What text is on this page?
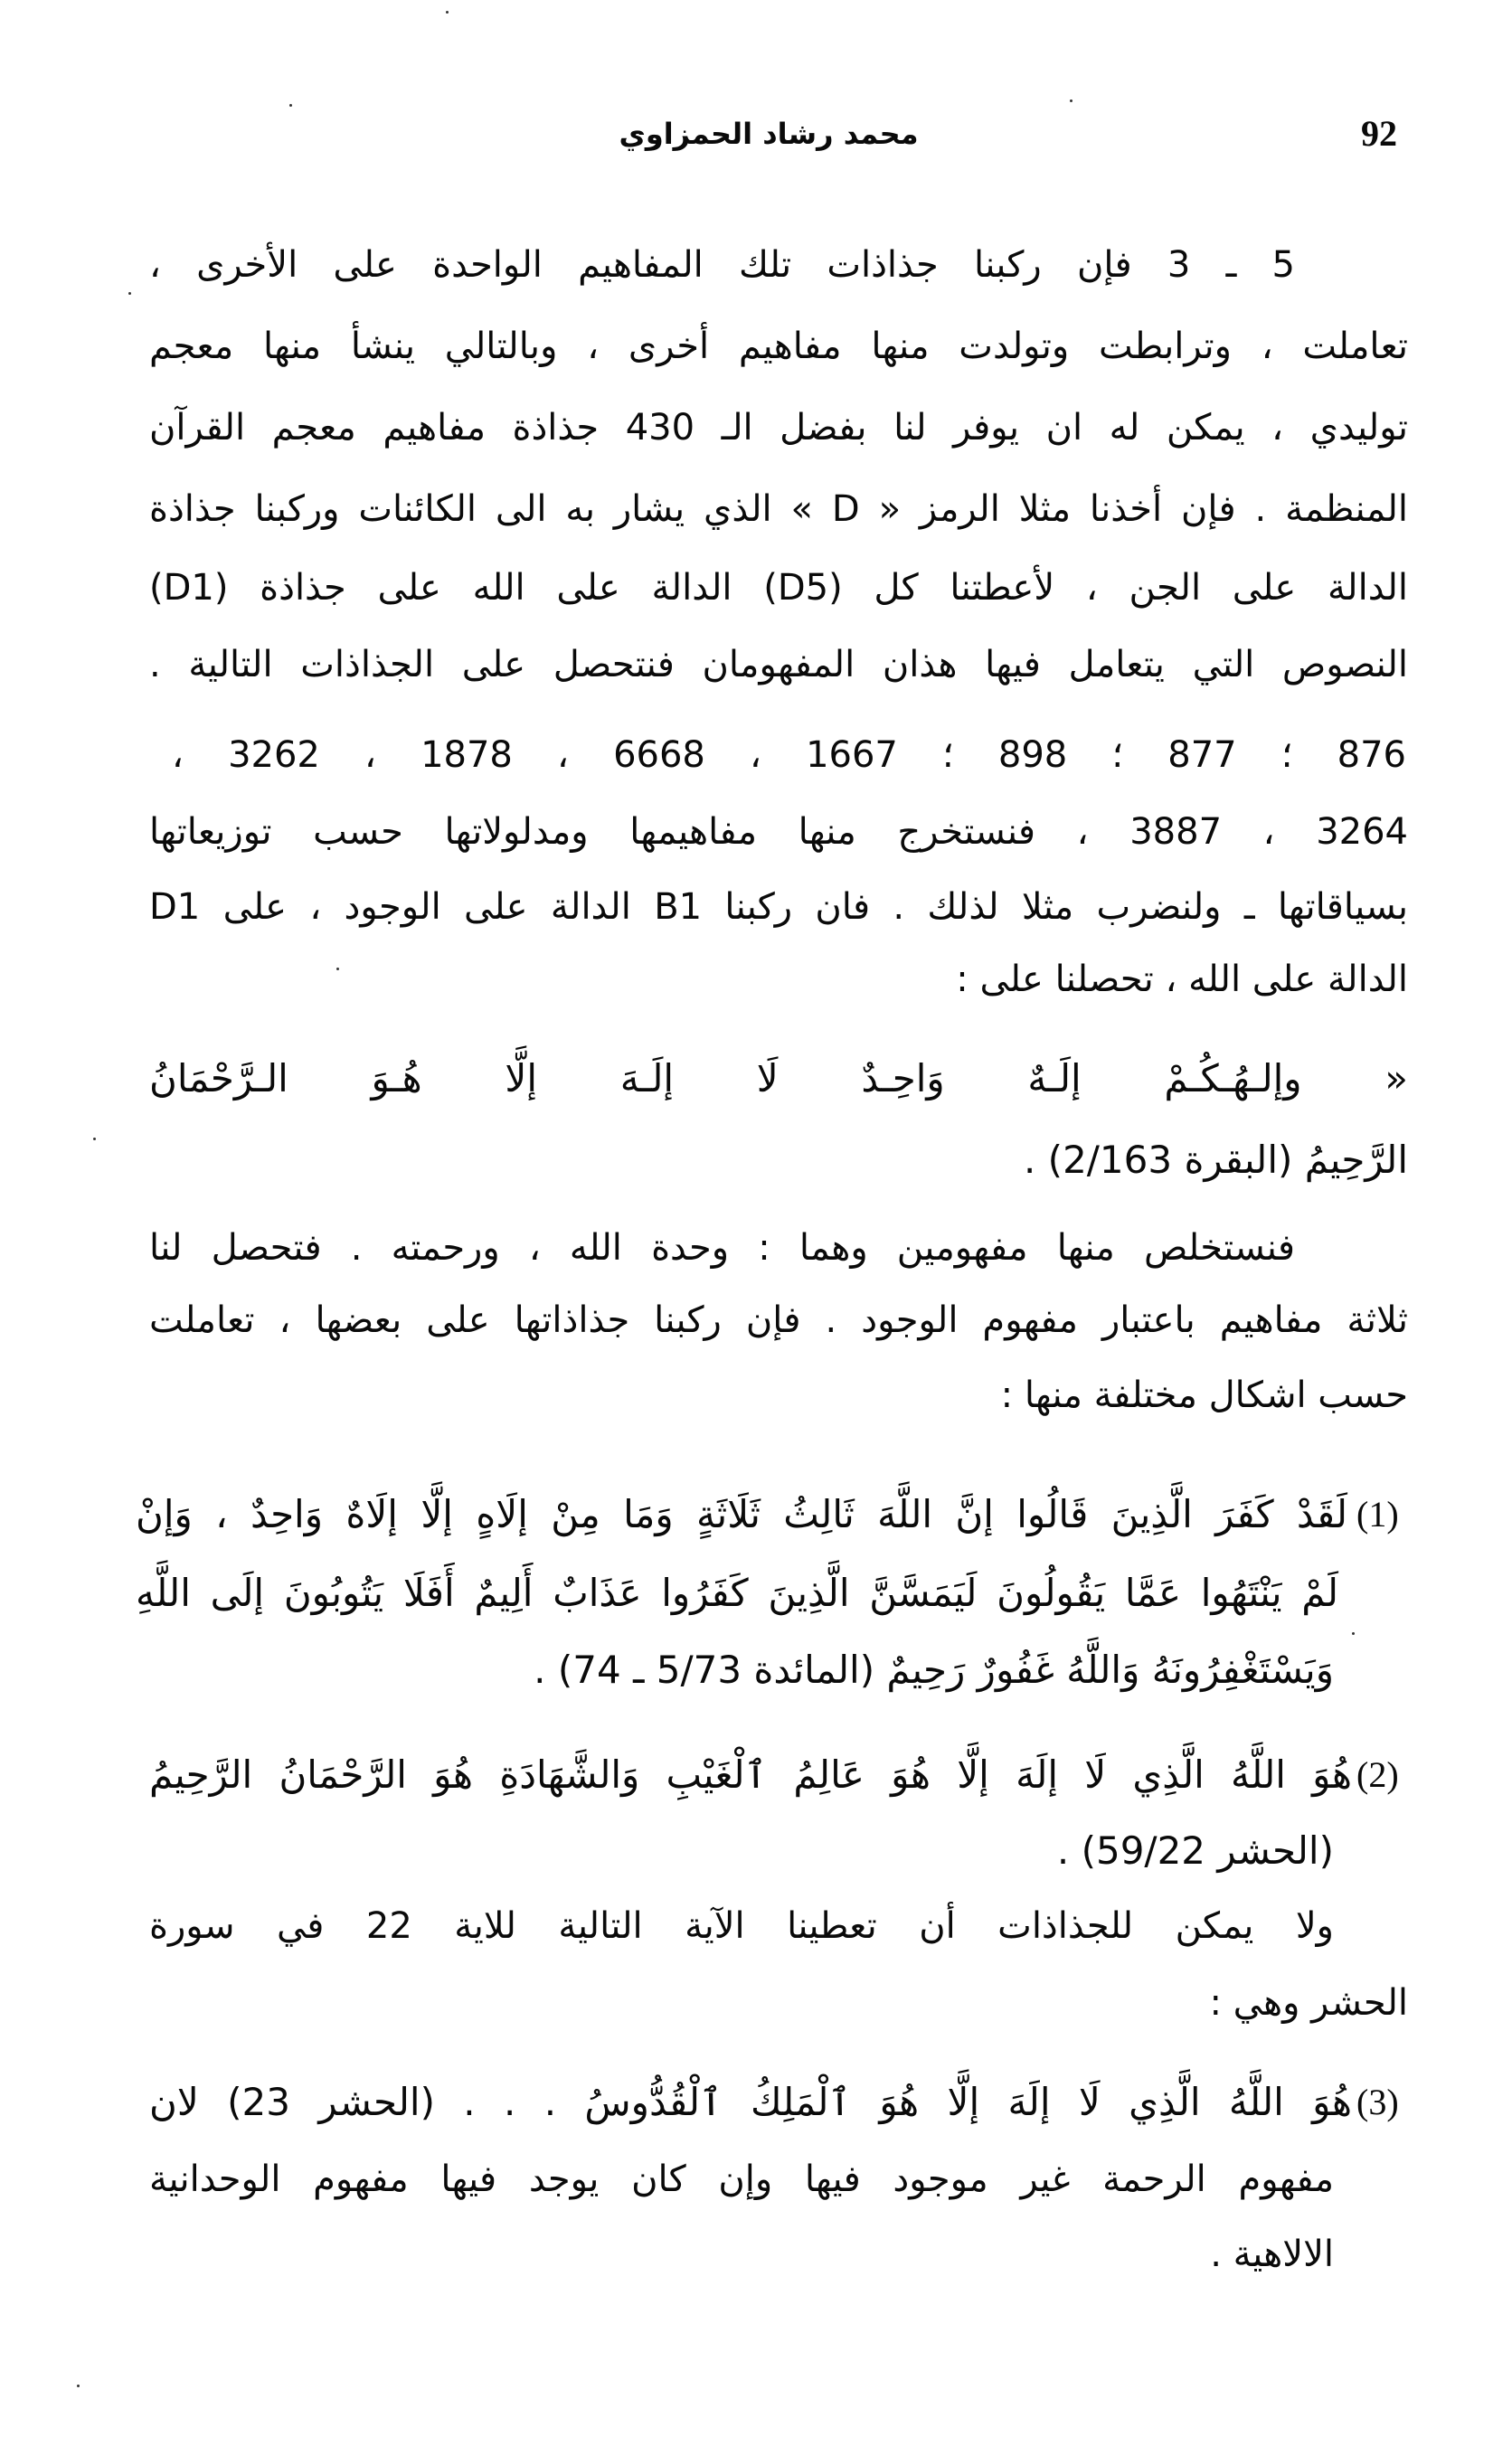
92
محمد رشاد الحمزاوي
5 ـ 3 فإن ركبنا جذاذات تلك المفاهيم الواحدة على الأخرى ،
تعاملت ، وترابطت وتولدت منها مفاهيم أخرى ، وبالتالي ينشأ منها معجم
توليدي ، يمكن له ان يوفر لنا بفضل الـ 430 جذاذة مفاهيم معجم القرآن
المنظمة . فإن أخذنا مثلا الرمز « D » الذي يشار به الى الكائنات وركبنا جذاذة
(D1) الدالة على الله على جذاذة (D5) الدالة على الجن ، لأعطتنا كل
النصوص التي يتعامل فيها هذان المفهومان فنتحصل على الجذاذات التالية .
876 ؛ 877 ؛ 898 ؛ 1667 ، 6668 ، 1878 ، 3262 ،
3264 ، 3887 ، فنستخرج منها مفاهيمها ومدلولاتها حسب توزيعاتها
بسياقاتها ـ ولنضرب مثلا لذلك . فان ركبنا B1 الدالة على الوجود ، على D1
الدالة على الله ، تحصلنا على :
« وإلـهُـكُـمْ إلَـهٌ وَاحِـدٌ لَا إلَـهَ إلَّا هُـوَ الـرَّحْمَانُ
الرَّحِيمُ (البقرة 2/163) .
فنستخلص منها مفهومين وهما : وحدة الله ، ورحمته . فتحصل لنا
ثلاثة مفاهيم باعتبار مفهوم الوجود . فإن ركبنا جذاذاتها على بعضها ، تعاملت
حسب اشكال مختلفة منها :
(1)
لَقَدْ كَفَرَ الَّذِينَ قَالُوا إنَّ اللَّهَ ثَالِثُ ثَلَاثَةٍ وَمَا مِنْ إلَاهٍ إلَّا إلَاهٌ وَاحِدٌ ، وَإنْ
لَمْ يَنْتَهُوا عَمَّا يَقُولُونَ لَيَمَسَّنَّ الَّذِينَ كَفَرُوا عَذَابٌ أَلِيمٌ أَفَلَا يَتُوبُونَ إلَى اللَّهِ
وَيَسْتَغْفِرُونَهُ وَاللَّهُ غَفُورٌ رَحِيمٌ (المائدة 5/73 ـ 74) .
(2)
هُوَ اللَّهُ الَّذِي لَا إلَهَ إلَّا هُوَ عَالِمُ ٱلْغَيْبِ وَالشَّهَادَةِ هُوَ الرَّحْمَانُ الرَّحِيمُ
(الحشر 59/22) .
ولا يمكن للجذاذات أن تعطينا الآية التالية للاية 22 في سورة
الحشر وهي :
(3)
هُوَ اللَّهُ الَّذِي لَا إلَهَ إلَّا هُوَ ٱلْمَلِكُ ٱلْقُدُّوسُ . . . (الحشر 23) لان
مفهوم الرحمة غير موجود فيها وإن كان يوجد فيها مفهوم الوحدانية
الالاهية .
